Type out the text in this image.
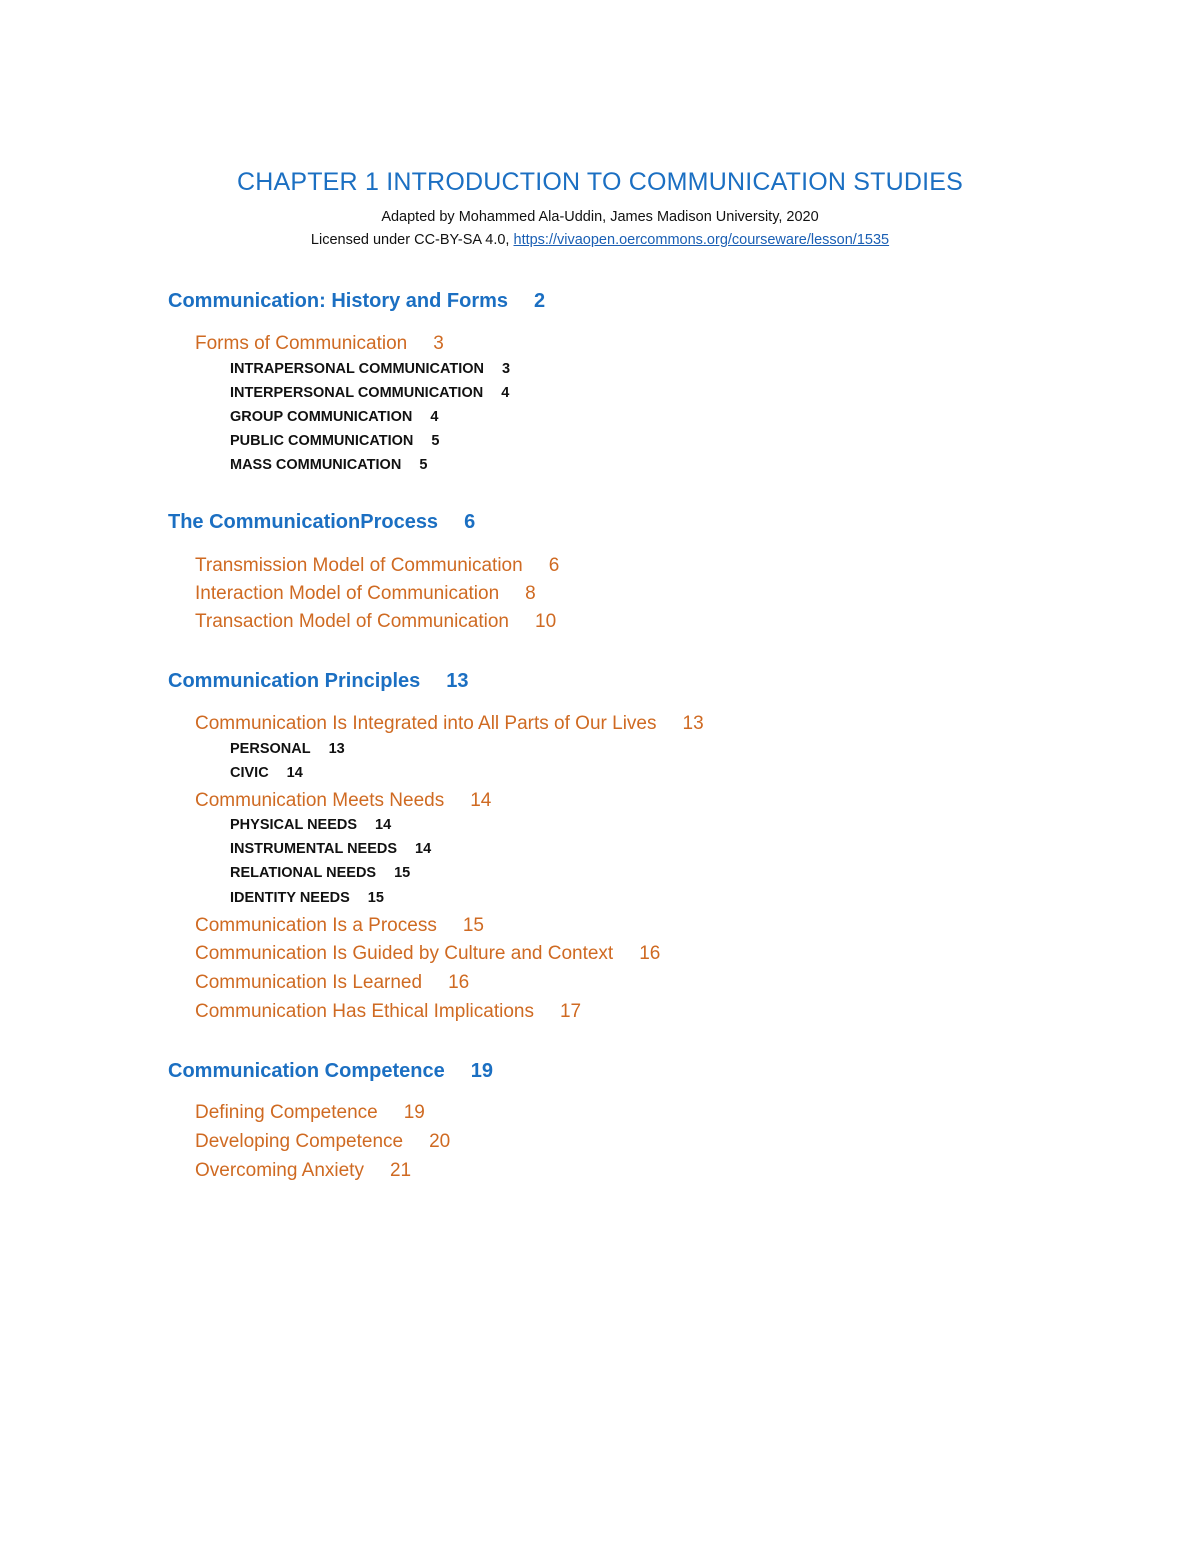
CHAPTER 1 INTRODUCTION TO COMMUNICATION STUDIES
Adapted by Mohammed Ala-Uddin, James Madison University, 2020
Licensed under CC-BY-SA 4.0, https://vivaopen.oercommons.org/courseware/lesson/1535
Communication: History and Forms 2
Forms of Communication 3
INTRAPERSONAL COMMUNICATION 3
INTERPERSONAL COMMUNICATION 4
GROUP COMMUNICATION 4
PUBLIC COMMUNICATION 5
MASS COMMUNICATION 5
The CommunicationProcess 6
Transmission Model of Communication 6
Interaction Model of Communication 8
Transaction Model of Communication 10
Communication Principles 13
Communication Is Integrated into All Parts of Our Lives 13
PERSONAL 13
CIVIC 14
Communication Meets Needs 14
PHYSICAL NEEDS 14
INSTRUMENTAL NEEDS 14
RELATIONAL NEEDS 15
IDENTITY NEEDS 15
Communication Is a Process 15
Communication Is Guided by Culture and Context 16
Communication Is Learned 16
Communication Has Ethical Implications 17
Communication Competence 19
Defining Competence 19
Developing Competence 20
Overcoming Anxiety 21
